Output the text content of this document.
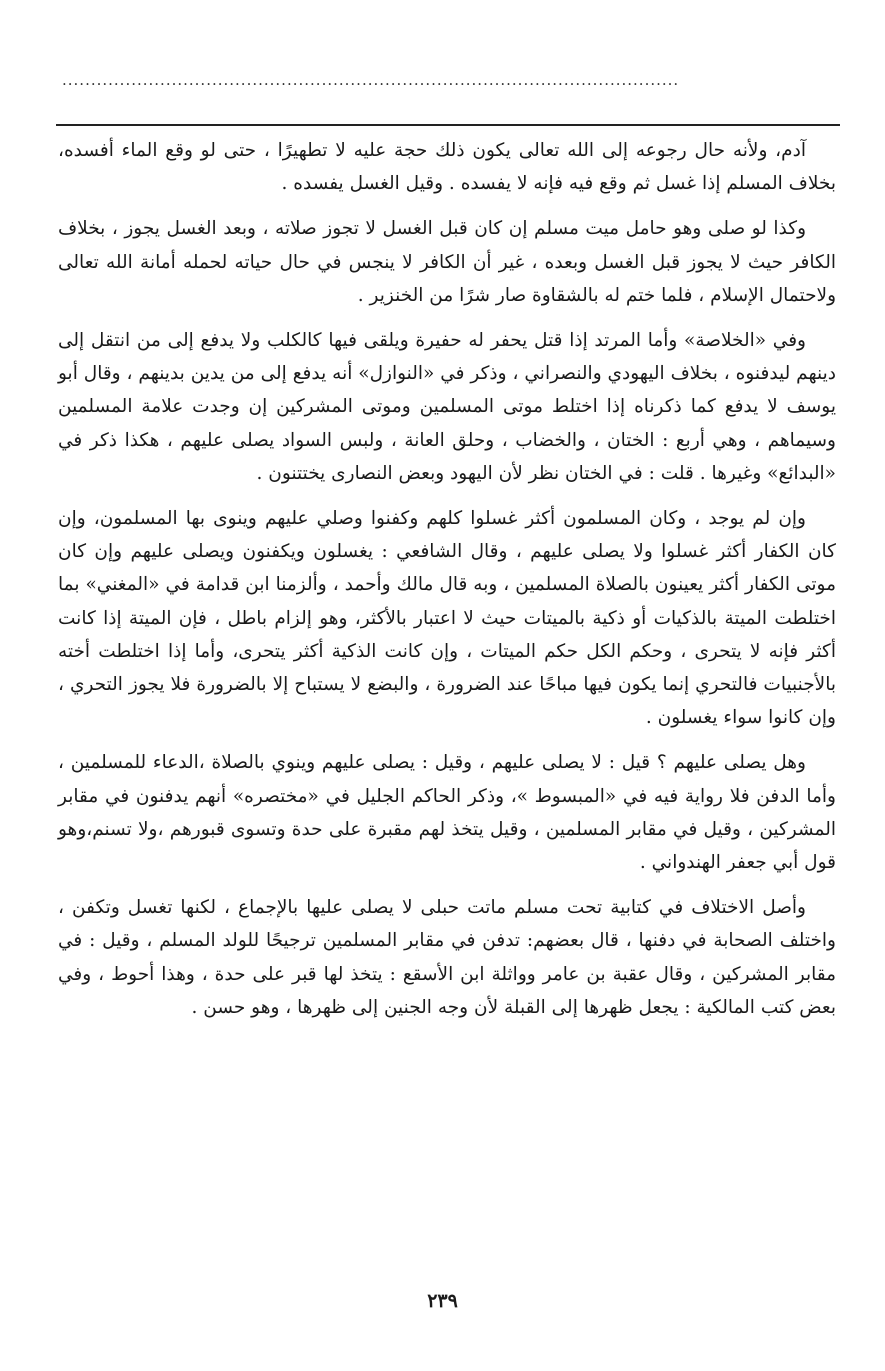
...........................................................................................................

آدم، ولأنه حال رجوعه إلى الله تعالى يكون ذلك حجة عليه لا تطهيرًا ، حتى لو وقع الماء أفسده، بخلاف المسلم إذا غسل ثم وقع فيه فإنه لا يفسده . وقيل الغسل يفسده .

وكذا لو صلى وهو حامل ميت مسلم إن كان قبل الغسل لا تجوز صلاته ، وبعد الغسل يجوز ، بخلاف الكافر حيث لا يجوز قبل الغسل وبعده ، غير أن الكافر لا ينجس في حال حياته لحمله أمانة الله تعالى ولاحتمال الإسلام ، فلما ختم له بالشقاوة صار شرًا من الخنزير .

وفي «الخلاصة» وأما المرتد إذا قتل يحفر له حفيرة ويلقى فيها كالكلب ولا يدفع إلى من انتقل إلى دينهم ليدفنوه ، بخلاف اليهودي والنصراني ، وذكر في «النوازل» أنه يدفع إلى من يدين بدينهم ، وقال أبو يوسف لا يدفع كما ذكرناه إذا اختلط موتى المسلمين وموتى المشركين إن وجدت علامة المسلمين وسيماهم ، وهي أربع : الختان ، والخضاب ، وحلق العانة ، ولبس السواد يصلى عليهم ، هكذا ذكر في «البدائع» وغيرها . قلت : في الختان نظر لأن اليهود وبعض النصارى يختتنون .

وإن لم يوجد ، وكان المسلمون أكثر غسلوا كلهم وكفنوا وصلي عليهم وينوى بها المسلمون، وإن كان الكفار أكثر غسلوا ولا يصلى عليهم ، وقال الشافعي : يغسلون ويكفنون ويصلى عليهم وإن كان موتى الكفار أكثر يعينون بالصلاة المسلمين ، وبه قال مالك وأحمد ، وألزمنا ابن قدامة في «المغني» بما اختلطت الميتة بالذكيات أو ذكية بالميتات حيث لا اعتبار بالأكثر، وهو إلزام باطل ، فإن الميتة إذا كانت أكثر فإنه لا يتحرى ، وحكم الكل حكم الميتات ، وإن كانت الذكية أكثر يتحرى، وأما إذا اختلطت أخته بالأجنبيات فالتحري إنما يكون فيها مباحًا عند الضرورة ، والبضع لا يستباح إلا بالضرورة فلا يجوز التحري ، وإن كانوا سواء يغسلون .

وهل يصلى عليهم ؟ قيل : لا يصلى عليهم ، وقيل : يصلى عليهم وينوي بالصلاة ،الدعاء للمسلمين ، وأما الدفن فلا رواية فيه في «المبسوط »، وذكر الحاكم الجليل في «مختصره» أنهم يدفنون في مقابر المشركين ، وقيل في مقابر المسلمين ، وقيل يتخذ لهم مقبرة على حدة وتسوى قبورهم ،ولا تسنم،وهو قول أبي جعفر الهندواني .

وأصل الاختلاف في كتابية تحت مسلم ماتت حبلى لا يصلى عليها بالإجماع ، لكنها تغسل وتكفن ، واختلف الصحابة في دفنها ، قال بعضهم: تدفن في مقابر المسلمين ترجيحًا للولد المسلم ، وقيل : في مقابر المشركين ، وقال عقبة بن عامر وواثلة ابن الأسقع : يتخذ لها قبر على حدة ، وهذا أحوط ، وفي بعض كتب المالكية : يجعل ظهرها إلى القبلة لأن وجه الجنين إلى ظهرها ، وهو حسن .

٢٣٩
